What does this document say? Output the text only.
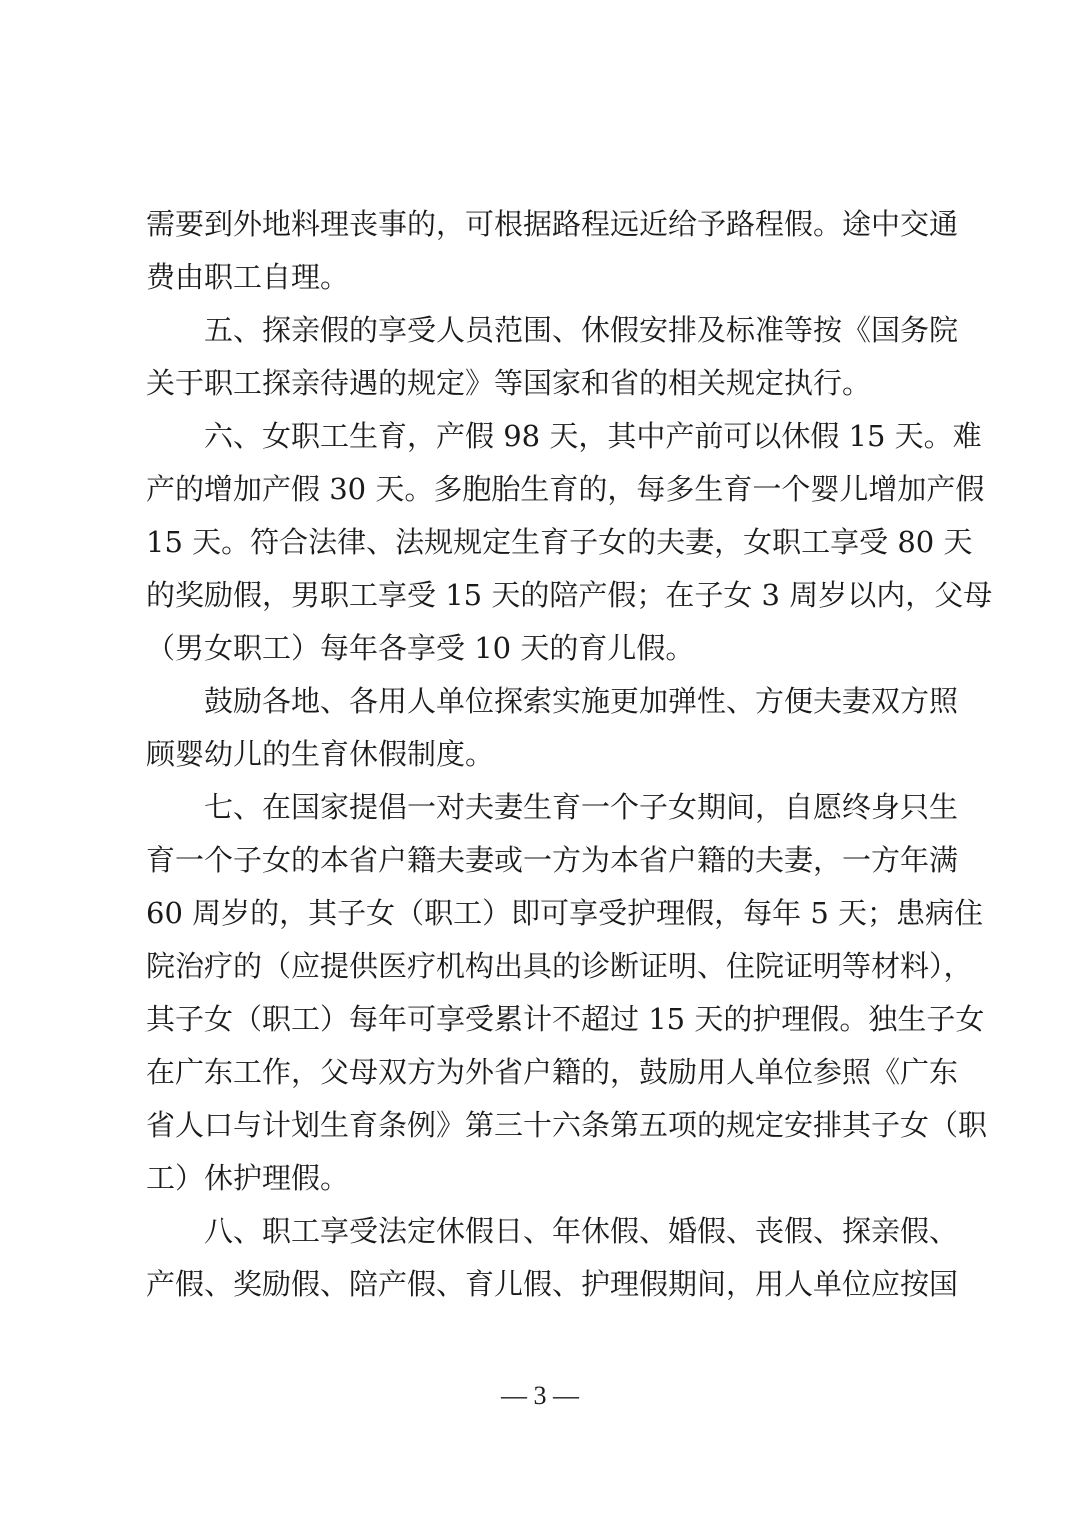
需要到外地料理丧事的，可根据路程远近给予路程假。途中交通
费由职工自理。
五、探亲假的享受人员范围、休假安排及标准等按《国务院
关于职工探亲待遇的规定》等国家和省的相关规定执行。
六、女职工生育，产假 98 天，其中产前可以休假 15 天。难
产的增加产假 30 天。多胞胎生育的，每多生育一个婴儿增加产假
15 天。符合法律、法规规定生育子女的夫妻，女职工享受 80 天
的奖励假，男职工享受 15 天的陪产假；在子女 3 周岁以内，父母
（男女职工）每年各享受 10 天的育儿假。
鼓励各地、各用人单位探索实施更加弹性、方便夫妻双方照
顾婴幼儿的生育休假制度。
七、在国家提倡一对夫妻生育一个子女期间，自愿终身只生
育一个子女的本省户籍夫妻或一方为本省户籍的夫妻，一方年满
60 周岁的，其子女（职工）即可享受护理假，每年 5 天；患病住
院治疗的（应提供医疗机构出具的诊断证明、住院证明等材料），
其子女（职工）每年可享受累计不超过 15 天的护理假。独生子女
在广东工作，父母双方为外省户籍的，鼓励用人单位参照《广东
省人口与计划生育条例》第三十六条第五项的规定安排其子女（职
工）休护理假。
八、职工享受法定休假日、年休假、婚假、丧假、探亲假、
产假、奖励假、陪产假、育儿假、护理假期间，用人单位应按国
— 3 —
